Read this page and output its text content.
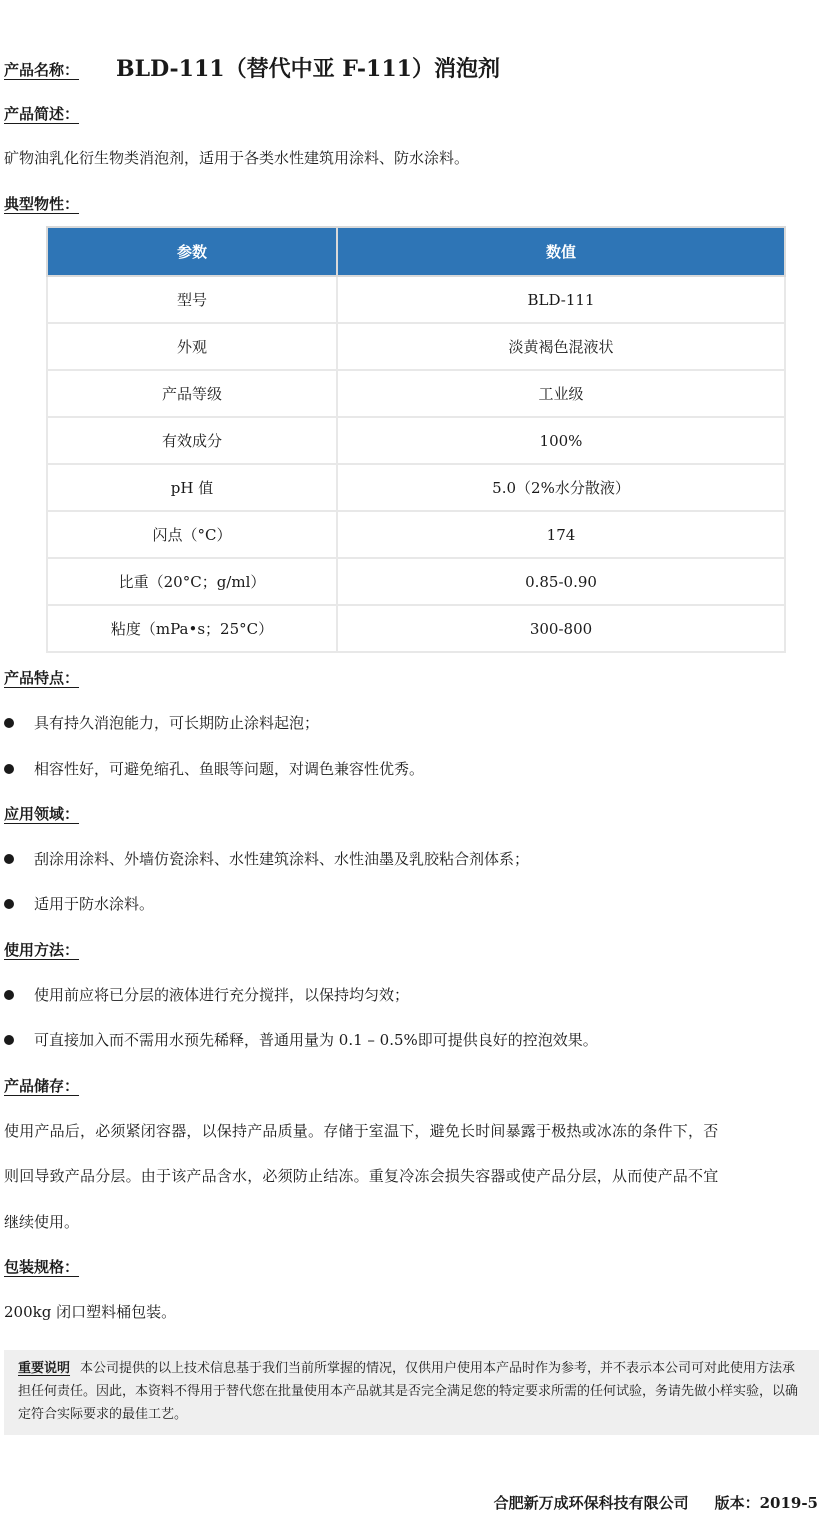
产品名称： BLD-111（替代中亚 F-111）消泡剂
产品简述：
矿物油乳化衍生物类消泡剂，适用于各类水性建筑用涂料、防水涂料。
典型物性：
参数	数值
型号	BLD-111
外观	淡黄褐色混液状
产品等级	工业级
有效成分	100%
pH 值	5.0（2%水分散液）
闪点（°C）	174
比重（20°C；g/ml）	0.85-0.90
粘度（mPa•s；25°C）	300-800
产品特点：
具有持久消泡能力，可长期防止涂料起泡；
相容性好，可避免缩孔、鱼眼等问题，对调色兼容性优秀。
应用领域：
刮涂用涂料、外墙仿瓷涂料、水性建筑涂料、水性油墨及乳胶粘合剂体系；
适用于防水涂料。
使用方法：
使用前应将已分层的液体进行充分搅拌，以保持均匀效；
可直接加入而不需用水预先稀释，普通用量为 0.1 – 0.5%即可提供良好的控泡效果。
产品储存：
使用产品后，必须紧闭容器，以保持产品质量。存储于室温下，避免长时间暴露于极热或冰冻的条件下，否
则回导致产品分层。由于该产品含水，必须防止结冻。重复冷冻会损失容器或使产品分层，从而使产品不宜
继续使用。
包装规格：
200kg 闭口塑料桶包装。
重要说明 本公司提供的以上技术信息基于我们当前所掌握的情况，仅供用户使用本产品时作为参考，并不表示本公司可对此使用方法承担任何责任。因此，本资料不得用于替代您在批量使用本产品就其是否完全满足您的特定要求所需的任何试验，务请先做小样实验，以确定符合实际要求的最佳工艺。
合肥新万成环保科技有限公司 版本：2019-5
